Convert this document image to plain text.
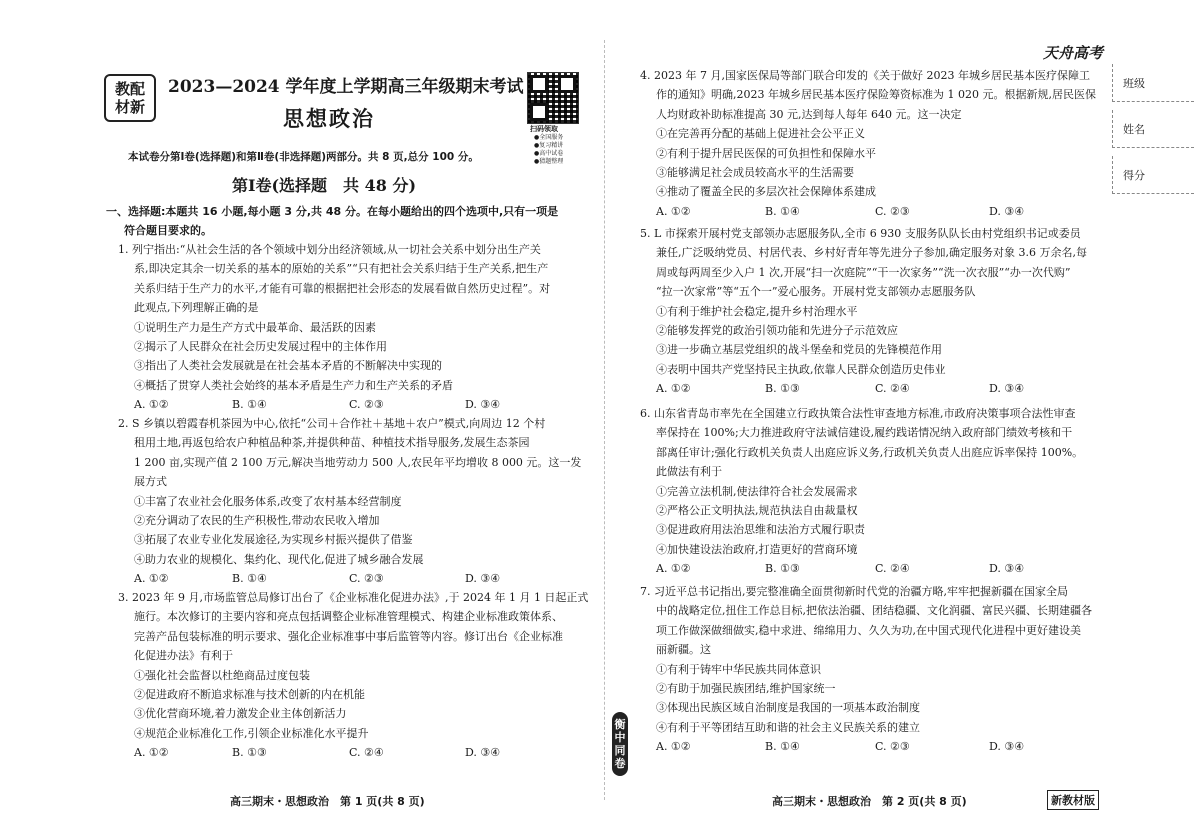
天舟高考
班级
姓名
得分
教配
材新
2023—2024 学年度上学期高三年级期末考试
思想政治	扫码领取
●全国服务
●复习精讲
●高中试卷
●猜题整理
本试卷分第Ⅰ卷(选择题)和第Ⅱ卷(非选择题)两部分。共 8 页,总分 100 分。
第Ⅰ卷(选择题　共 48 分)
一、选择题:本题共 16 小题,每小题 3 分,共 48 分。在每小题给出的四个选项中,只有一项是
符合题目要求的。
1. 列宁指出:“从社会生活的各个领域中划分出经济领域,从一切社会关系中划分出生产关
系,即决定其余一切关系的基本的原始的关系”“只有把社会关系归结于生产关系,把生产
关系归结于生产力的水平,才能有可靠的根据把社会形态的发展看做自然历史过程”。对
此观点,下列理解正确的是
①说明生产力是生产方式中最革命、最活跃的因素
②揭示了人民群众在社会历史发展过程中的主体作用
③指出了人类社会发展就是在社会基本矛盾的不断解决中实现的
④概括了贯穿人类社会始终的基本矛盾是生产力和生产关系的矛盾
A. ①②	B. ①④	C. ②③	D. ③④
2. S 乡镇以碧霞春机茶园为中心,依托“公司＋合作社＋基地＋农户”模式,向周边 12 个村
租用土地,再返包给农户种植品种茶,并提供种苗、种植技术指导服务,发展生态茶园
1 200 亩,实现产值 2 100 万元,解决当地劳动力 500 人,农民年平均增收 8 000 元。这一发
展方式
①丰富了农业社会化服务体系,改变了农村基本经营制度
②充分调动了农民的生产积极性,带动农民收入增加
③拓展了农业专业化发展途径,为实现乡村振兴提供了借鉴
④助力农业的规模化、集约化、现代化,促进了城乡融合发展
A. ①②	B. ①④	C. ②③	D. ③④
3. 2023 年 9 月,市场监管总局修订出台了《企业标准化促进办法》,于 2024 年 1 月 1 日起正式
施行。本次修订的主要内容和亮点包括调整企业标准管理模式、构建企业标准政策体系、
完善产品包装标准的明示要求、强化企业标准事中事后监管等内容。修订出台《企业标准
化促进办法》有利于
①强化社会监督以杜绝商品过度包装
②促进政府不断追求标准与技术创新的内在机能
③优化营商环境,着力激发企业主体创新活力
④规范企业标准化工作,引领企业标准化水平提升
A. ①②	B. ①③	C. ②④	D. ③④
衡中同卷
4. 2023 年 7 月,国家医保局等部门联合印发的《关于做好 2023 年城乡居民基本医疗保障工
作的通知》明确,2023 年城乡居民基本医疗保险筹资标准为 1 020 元。根据新规,居民医保
人均财政补助标准提高 30 元,达到每人每年 640 元。这一决定
①在完善再分配的基础上促进社会公平正义
②有利于提升居民医保的可负担性和保障水平
③能够满足社会成员较高水平的生活需要
④推动了覆盖全民的多层次社会保障体系建成
A. ①②	B. ①④	C. ②③	D. ③④
5. L 市探索开展村党支部领办志愿服务队,全市 6 930 支服务队队长由村党组织书记或委员
兼任,广泛吸纳党员、村居代表、乡村好青年等先进分子参加,确定服务对象 3.6 万余名,每
周或每两周至少入户 1 次,开展“扫一次庭院”“干一次家务”“洗一次衣服”“办一次代购”
“拉一次家常”等“五个一”爱心服务。开展村党支部领办志愿服务队
①有利于维护社会稳定,提升乡村治理水平
②能够发挥党的政治引领功能和先进分子示范效应
③进一步确立基层党组织的战斗堡垒和党员的先锋模范作用
④表明中国共产党坚持民主执政,依靠人民群众创造历史伟业
A. ①②	B. ①③	C. ②④	D. ③④
6. 山东省青岛市率先在全国建立行政执策合法性审查地方标准,市政府决策事项合法性审查
率保持在 100%;大力推进政府守法诚信建设,履约践诺情况纳入政府部门绩效考核和干
部离任审计;强化行政机关负责人出庭应诉义务,行政机关负责人出庭应诉率保持 100%。
此做法有利于
①完善立法机制,使法律符合社会发展需求
②严格公正文明执法,规范执法自由裁量权
③促进政府用法治思维和法治方式履行职责
④加快建设法治政府,打造更好的营商环境
A. ①②	B. ①③	C. ②④	D. ③④
7. 习近平总书记指出,要完整准确全面贯彻新时代党的治疆方略,牢牢把握新疆在国家全局
中的战略定位,扭住工作总目标,把依法治疆、团结稳疆、文化润疆、富民兴疆、长期建疆各
项工作做深做细做实,稳中求进、绵绵用力、久久为功,在中国式现代化进程中更好建设美
丽新疆。这
①有利于铸牢中华民族共同体意识
②有助于加强民族团结,维护国家统一
③体现出民族区域自治制度是我国的一项基本政治制度
④有利于平等团结互助和谐的社会主义民族关系的建立
A. ①②	B. ①④	C. ②③	D. ③④
高三期末・思想政治　第 1 页(共 8 页)	高三期末・思想政治　第 2 页(共 8 页)	新教材版
